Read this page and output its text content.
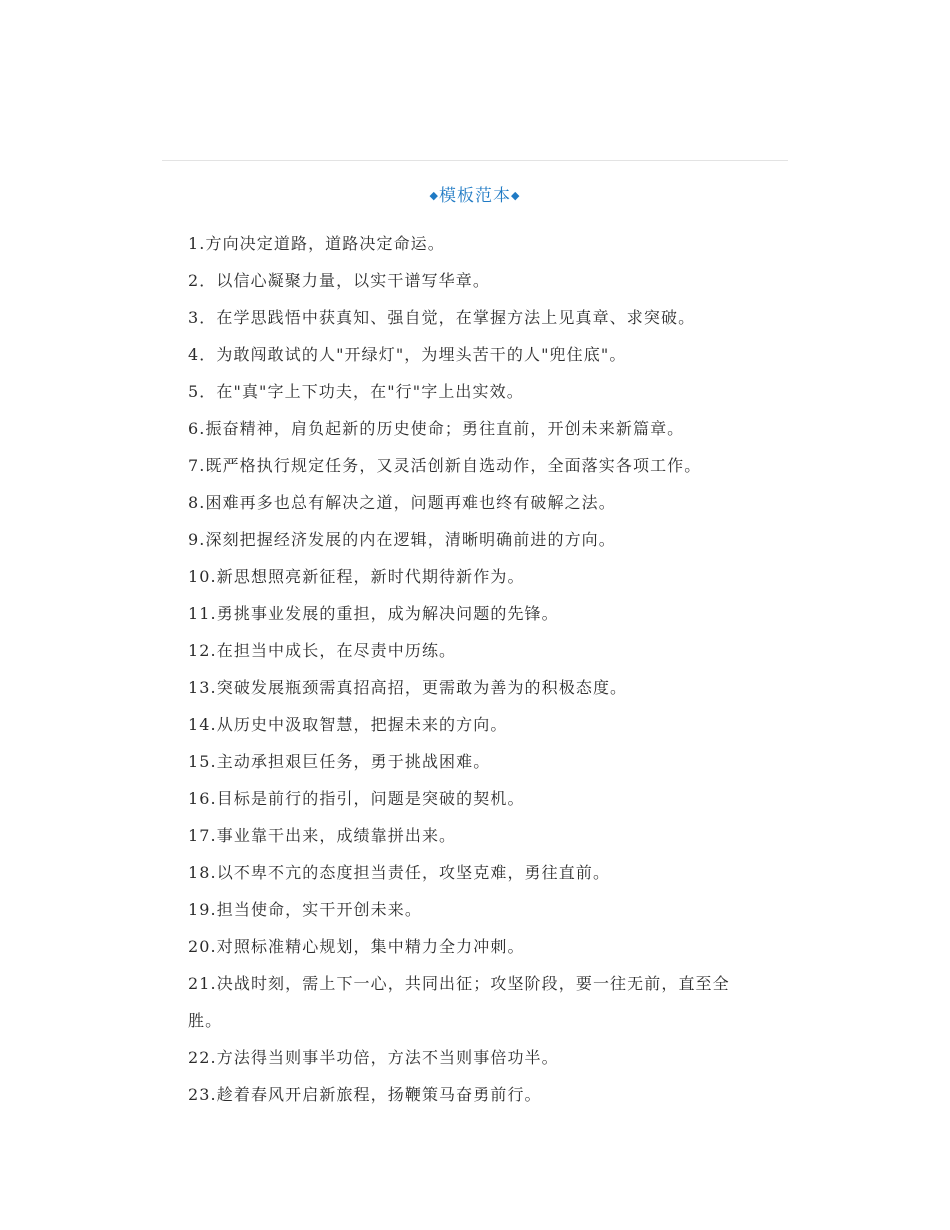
◆模板范本◆
1.方向决定道路，道路决定命运。
2．以信心凝聚力量，以实干谱写华章。
3．在学思践悟中获真知、强自觉，在掌握方法上见真章、求突破。
4．为敢闯敢试的人"开绿灯"，为埋头苦干的人"兜住底"。
5．在"真"字上下功夫，在"行"字上出实效。
6.振奋精神，肩负起新的历史使命；勇往直前，开创未来新篇章。
7.既严格执行规定任务，又灵活创新自选动作，全面落实各项工作。
8.困难再多也总有解决之道，问题再难也终有破解之法。
9.深刻把握经济发展的内在逻辑，清晰明确前进的方向。
10.新思想照亮新征程，新时代期待新作为。
11.勇挑事业发展的重担，成为解决问题的先锋。
12.在担当中成长，在尽责中历练。
13.突破发展瓶颈需真招高招，更需敢为善为的积极态度。
14.从历史中汲取智慧，把握未来的方向。
15.主动承担艰巨任务，勇于挑战困难。
16.目标是前行的指引，问题是突破的契机。
17.事业靠干出来，成绩靠拼出来。
18.以不卑不亢的态度担当责任，攻坚克难，勇往直前。
19.担当使命，实干开创未来。
20.对照标准精心规划，集中精力全力冲刺。
21.决战时刻，需上下一心，共同出征；攻坚阶段，要一往无前，直至全胜。
22.方法得当则事半功倍，方法不当则事倍功半。
23.趁着春风开启新旅程，扬鞭策马奋勇前行。
